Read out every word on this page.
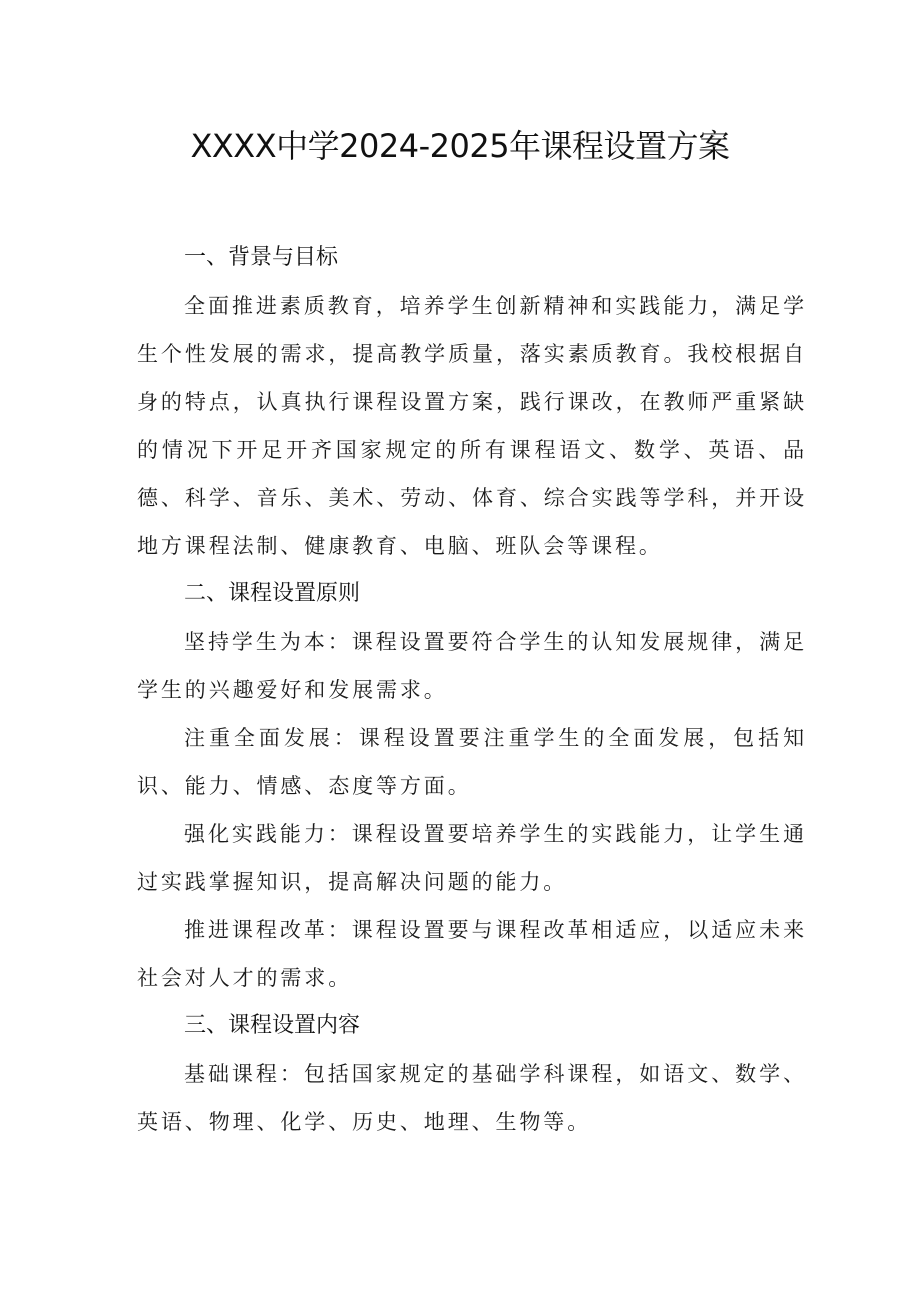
XXXX中学2024-2025年课程设置方案
一、背景与目标

全面推进素质教育，培养学生创新精神和实践能力，满足学生个性发展的需求，提高教学质量，落实素质教育。我校根据自身的特点，认真执行课程设置方案，践行课改，在教师严重紧缺的情况下开足开齐国家规定的所有课程语文、数学、英语、品德、科学、音乐、美术、劳动、体育、综合实践等学科，并开设地方课程法制、健康教育、电脑、班队会等课程。

二、课程设置原则

坚持学生为本：课程设置要符合学生的认知发展规律，满足学生的兴趣爱好和发展需求。

注重全面发展：课程设置要注重学生的全面发展，包括知识、能力、情感、态度等方面。

强化实践能力：课程设置要培养学生的实践能力，让学生通过实践掌握知识，提高解决问题的能力。

推进课程改革：课程设置要与课程改革相适应，以适应未来社会对人才的需求。

三、课程设置内容

基础课程：包括国家规定的基础学科课程，如语文、数学、英语、物理、化学、历史、地理、生物等。
